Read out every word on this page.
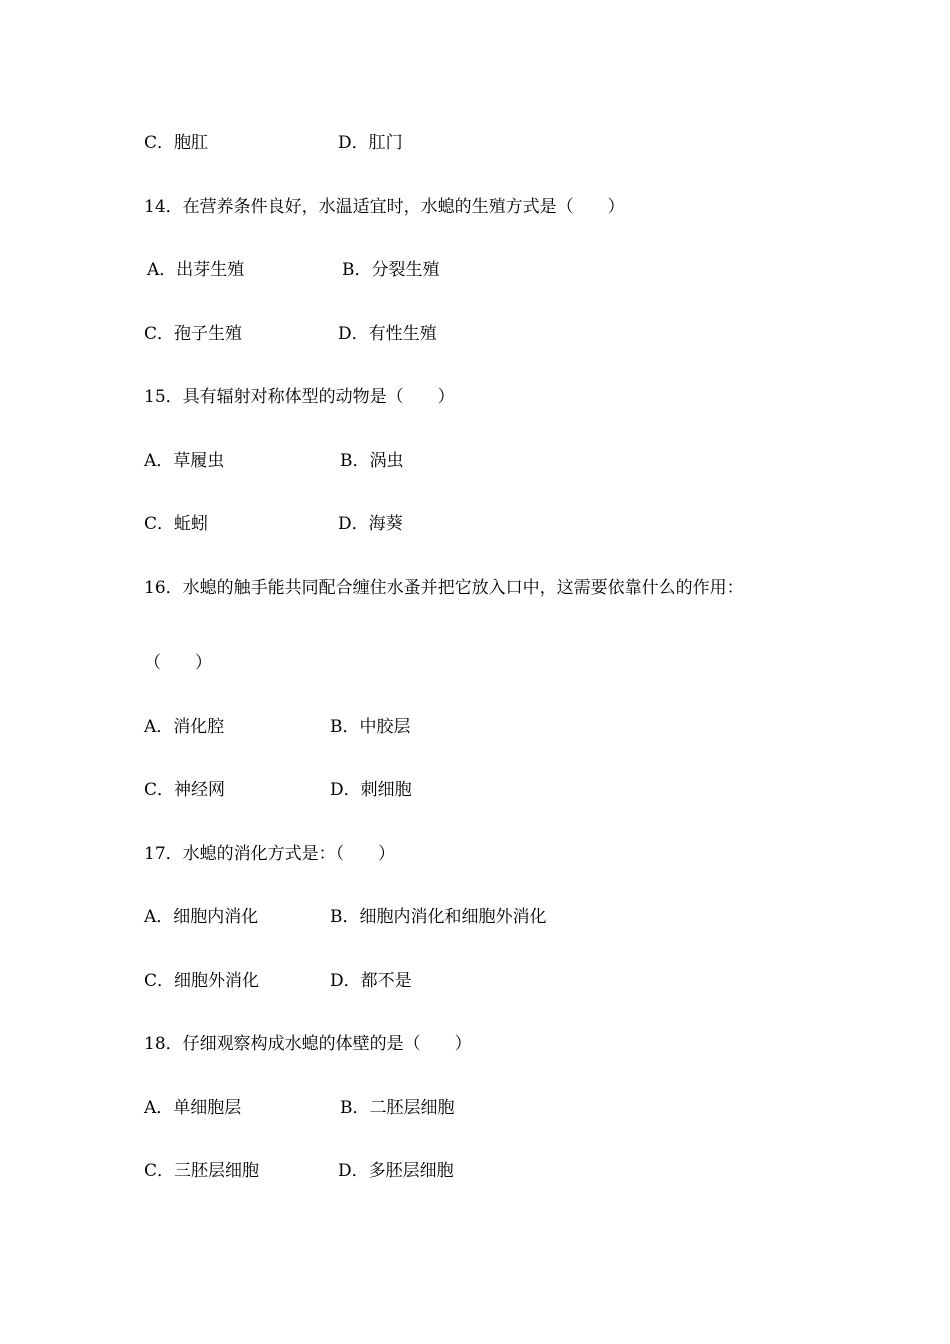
C．胞肛	D．肛门
14．在营养条件良好，水温适宜时，水螅的生殖方式是（　　）
A．出芽生殖	B．分裂生殖
C．孢子生殖	D．有性生殖
15．具有辐射对称体型的动物是（　　）
A．草履虫	B．涡虫
C．蚯蚓	D．海葵
16．水螅的触手能共同配合缠住水蚤并把它放入口中，这需要依靠什么的作用：
（　　）
A．消化腔	B．中胶层
C．神经网	D．刺细胞
17．水螅的消化方式是：（　　）
A．细胞内消化	B．细胞内消化和细胞外消化
C．细胞外消化	D．都不是
18．仔细观察构成水螅的体壁的是（　　）
A．单细胞层	B．二胚层细胞
C．三胚层细胞	D．多胚层细胞
